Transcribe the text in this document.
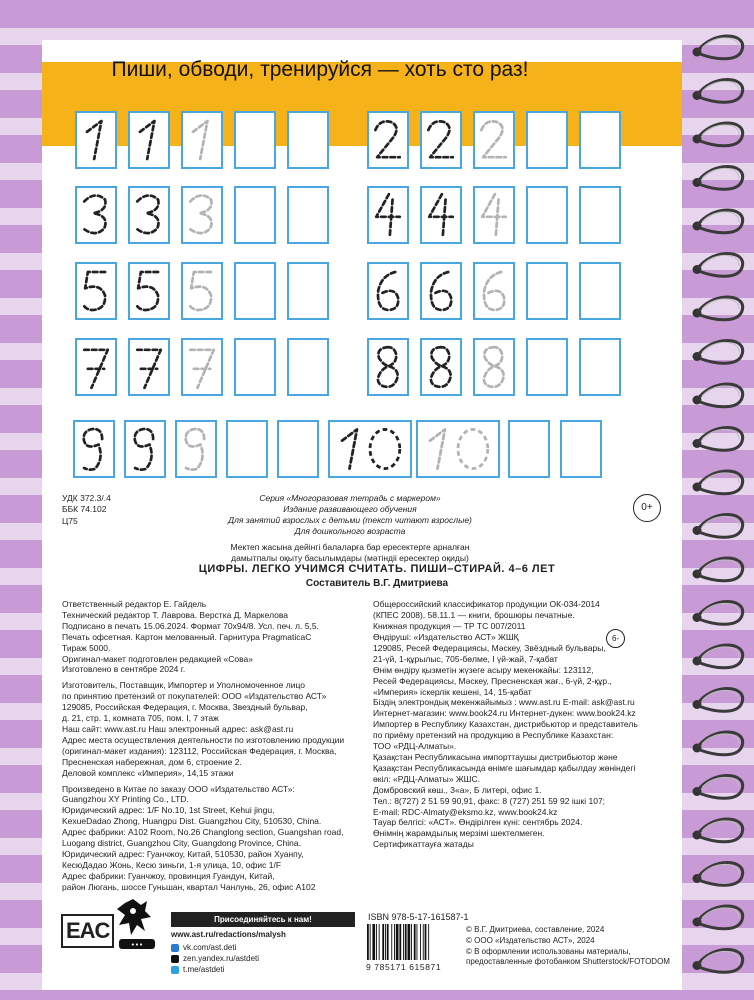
Пиши, обводи, тренируйся — хоть сто раз!
УДК 372.3/.4
ББК 74.102
Ц75
Серия «Многоразовая тетрадь с маркером»
Издание развивающего обучения
Для занятий взрослых с детьми (текст читают взрослые)
Для дошкольного возраста
Мектеп жасына дейінгі балаларға бар ересектерге арналған
дамытпалы оқыту басылымдары (мәтіндіі ересектер оқиды)
0+
ЦИФРЫ. ЛЕГКО УЧИМСЯ СЧИТАТЬ. ПИШИ–СТИРАЙ. 4–6 ЛЕТ
Составитель В.Г. Дмитриева
Ответственный редактор Е. Гайдель
Технический редактор Т. Лаврова. Верстка Д. Маркелова
Подписано в печать 15.06.2024. Формат 70x94/8. Усл. печ. л. 5,5.
Печать офсетная. Картон мелованный. Гарнитура PragmaticaC
Тираж 5000.
Оригинал-макет подготовлен редакцией «Сова»
Изготовлено в сентябре 2024 г.
Изготовитель, Поставщик, Импортер и Уполномоченное лицо
по принятию претензий от покупателей: ООО «Издательство АСТ»
129085, Российская Федерация, г. Москва, Звездный бульвар,
д. 21, стр. 1, комната 705, пом. I, 7 этаж
Наш сайт: www.ast.ru Наш электронный адрес: ask@ast.ru
Адрес места осуществления деятельности по изготовлению продукции
(оригинал-макет издания): 123112, Российская Федерация, г. Москва,
Пресненская набережная, дом 6, строение 2.
Деловой комплекс «Империя», 14,15 этажи
Произведено в Китае по заказу ООО «Издательство АСТ»:
Guangzhou XY Printing Co., LTD.
Юридический адрес: 1/F No.10, 1st Street, Kehui jingu,
KexueDadao Zhong, Huangpu Dist. Guangzhou City, 510530, China.
Адрес фабрики: A102 Room, No.26 Changlong section, Guangshan road,
Luogang district, Guangzhou City, Guangdong Province, China.
Юридический адрес: Гуанчжоу, Китай, 510530, район Хуанпу,
КесюДадао Жонь, Кесю зиньги, 1-я улица, 10, офис 1/F
Адрес фабрики: Гуанчжоу, провинция Гуандун, Китай,
район Люгань, шоссе Гуньшан, квартал Чанлунь, 26, офис А102
Общероссийский классификатор продукции ОК-034-2014
(КПЕС 2008), 58.11.1 — книги, брошюры печатные.
Книжная продукция — ТР ТС 007/2011
Өндіруші: «Издательство АСТ» ЖШҚ
129085, Ресей Федерациясы, Мәскеу, Звёздный бульвары,
21-үй, 1-құрылыс, 705-бөлме, I үй-жай, 7-қабат
Өнім өндіру қызметін жүзеге асыру мекенжайы: 123112,
Ресей Федерациясы, Мәскеу, Пресненская жағ., 6-үй, 2-құр.,
«Империя» іскерлік кешені, 14, 15-қабат
Біздің электрондық мекенжайымыз : www.ast.ru E-mail: ask@ast.ru
Интернет-магазин: www.book24.ru Интернет-дүкен: www.book24.kz
Импортер в Республику Казахстан, дистрибьютор и представитель
по приёму претензий на продукцию в Республике Казахстан:
ТОО «РДЦ-Алматы».
Қазақстан Республикасына импорттаушы дистрибьютор және
Қазақстан Республикасында өнімге шағымдар қабылдау жөніндегі
өкіл: «РДЦ-Алматы» ЖШС.
Домбровский көш., 3«а», Б литері, офис 1.
Тел.: 8(727) 2 51 59 90,91, факс: 8 (727) 251 59 92 ішкі 107;
E-mail: RDC-Almaty@eksmo.kz, www.book24.kz
Тауар белгісі: «АСТ». Өндірілген күні: сентябрь 2024.
Өнімнің жарамдылық мерзімі шектелмеген.
Сертификаттауға жатады
6-
EAC
•••
Присоединяйтесь к нам!
www.ast.ru/redactions/malysh
vk.com/ast.deti
zen.yandex.ru/astdeti
t.me/astdeti
ISBN 978-5-17-161587-1
9 785171 615871
© В.Г. Дмитриева, составление, 2024
© ООО «Издательство АСТ», 2024
© В оформлении использованы материалы,
предоставленные фотобанком Shutterstock/FOTODOM
